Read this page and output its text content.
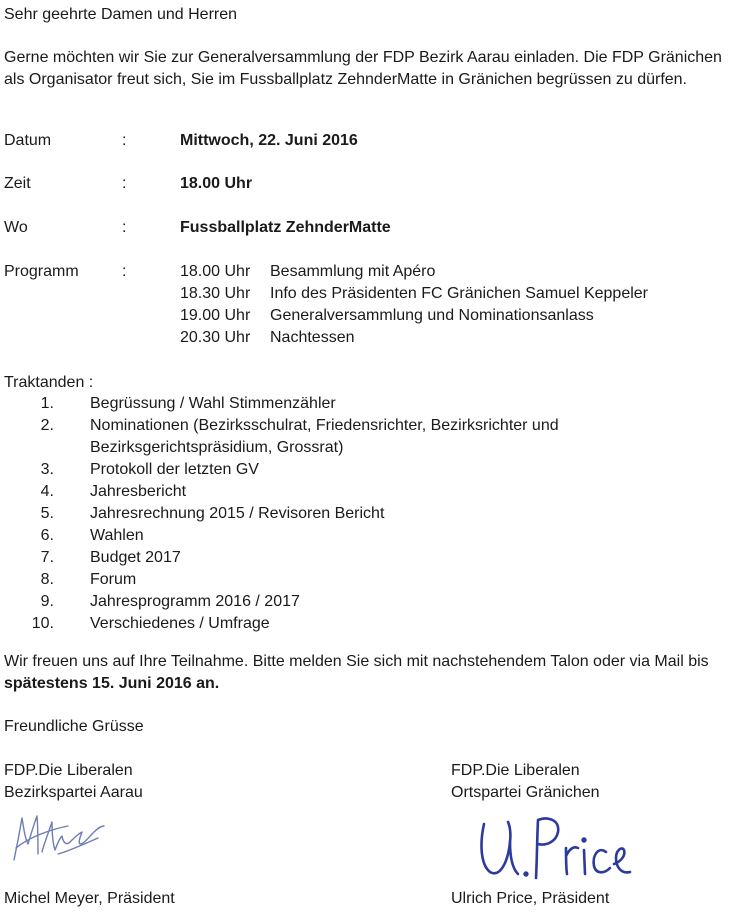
Sehr geehrte Damen und Herren

Gerne möchten wir Sie zur Generalversammlung der FDP Bezirk Aarau einladen. Die FDP Gränichen als Organisator freut sich, Sie im Fussballplatz ZehnderMatte in Gränichen begrüssen zu dürfen.

Datum	:	Mittwoch, 22. Juni 2016
Zeit	:	18.00 Uhr
Wo	:	Fussballplatz ZehnderMatte
Programm	:	18.00 Uhr Besammlung mit Apéro
18.30 Uhr Info des Präsidenten FC Gränichen Samuel Keppeler
19.00 Uhr Generalversammlung und Nominationsanlass
20.30 Uhr Nachtessen

Traktanden :

1. Begrüssung / Wahl Stimmenzähler
2. Nominationen (Bezirksschulrat, Friedensrichter, Bezirksrichter und Bezirksgerichtspräsidium, Grossrat)
3. Protokoll der letzten GV
4. Jahresbericht
5. Jahresrechnung 2015 / Revisoren Bericht
6. Wahlen
7. Budget 2017
8. Forum
9. Jahresprogramm 2016 / 2017
10. Verschiedenes / Umfrage

Wir freuen uns auf Ihre Teilnahme. Bitte melden Sie sich mit nachstehendem Talon oder via Mail bis spätestens 15. Juni 2016 an.

Freundliche Grüsse

FDP.Die Liberalen
Bezirkspartei Aarau
Michel Meyer, Präsident
FDP.Die Liberalen
Ortspartei Gränichen
Ulrich Price, Präsident
